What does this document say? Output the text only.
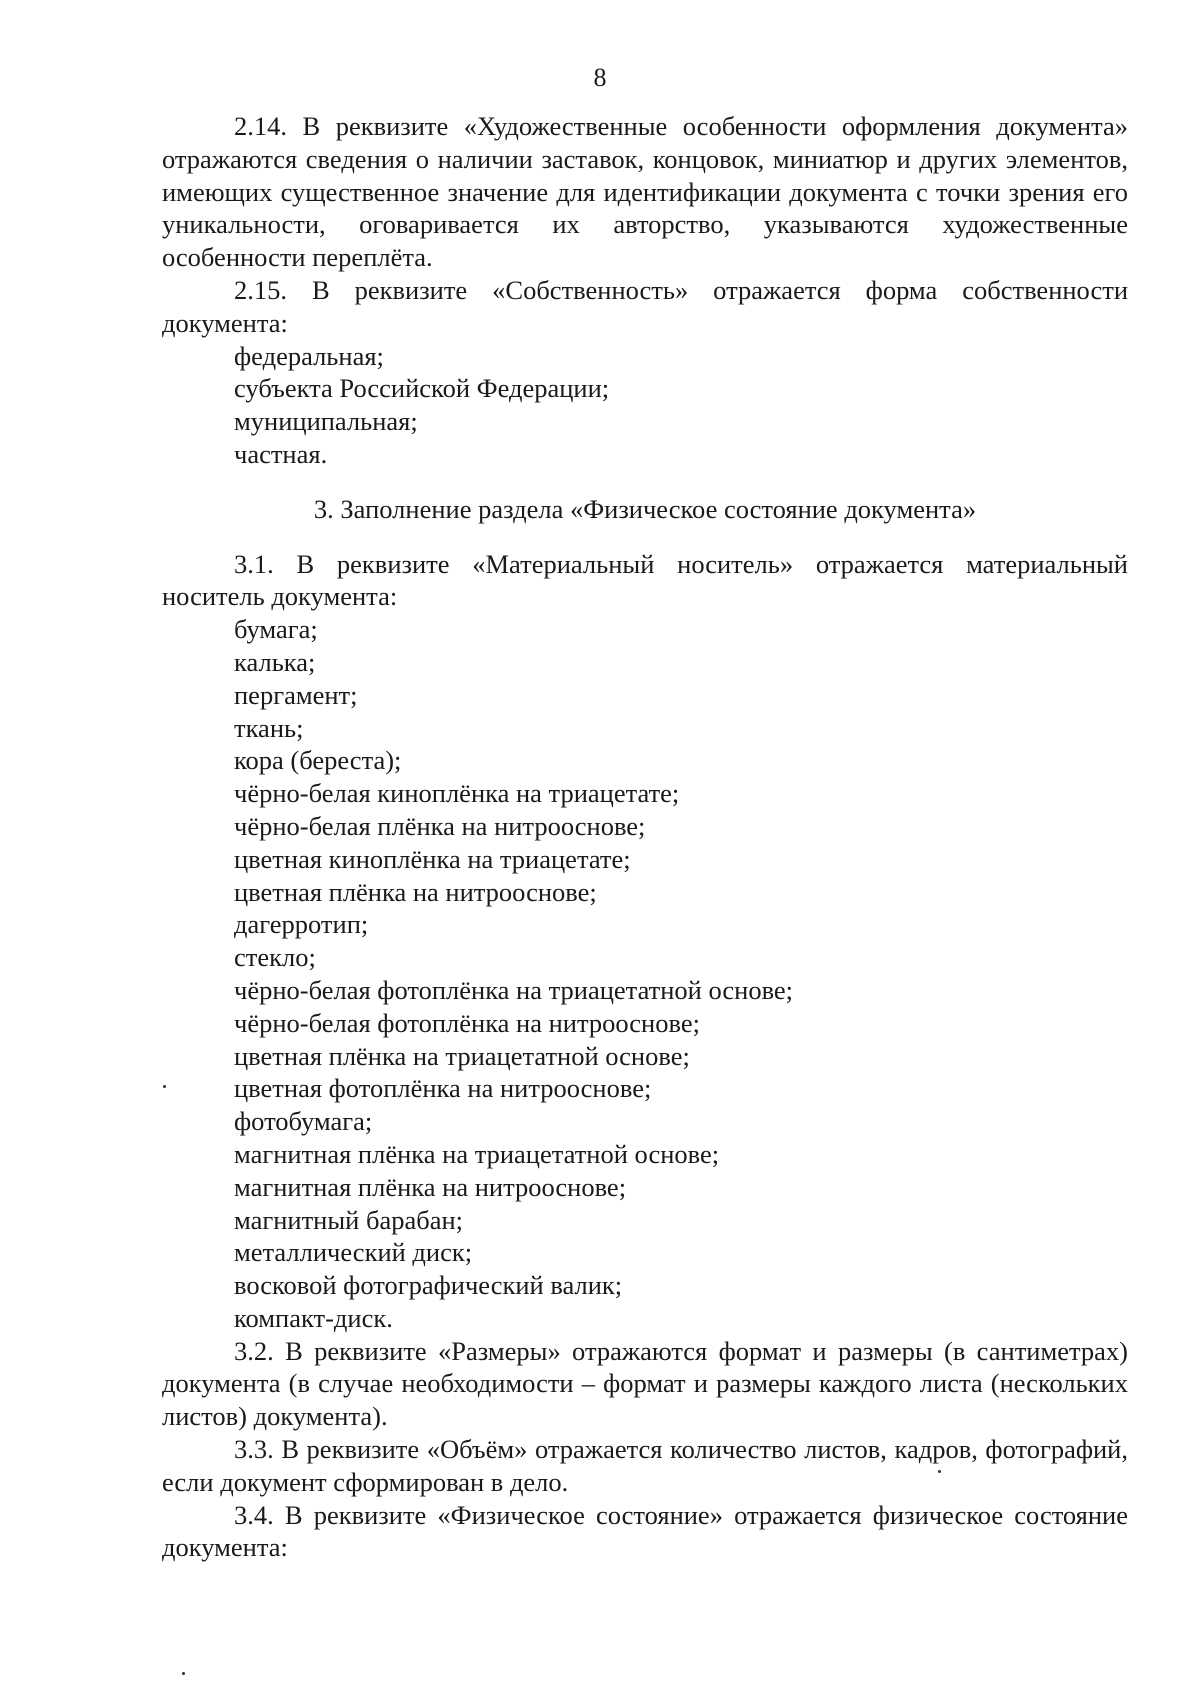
8

2.14. В реквизите «Художественные особенности оформления документа» отражаются сведения о наличии заставок, концовок, миниатюр и других элементов, имеющих существенное значение для идентификации документа с точки зрения его уникальности, оговаривается их авторство, указываются художественные особенности переплёта.

2.15. В реквизите «Собственность» отражается форма собственности документа:

федеральная;
субъекта Российской Федерации;
муниципальная;
частная.

3. Заполнение раздела «Физическое состояние документа»

3.1. В реквизите «Материальный носитель» отражается материальный носитель документа:

бумага;
калька;
пергамент;
ткань;
кора (береста);
чёрно-белая киноплёнка на триацетате;
чёрно-белая плёнка на нитрооснове;
цветная киноплёнка на триацетате;
цветная плёнка на нитрооснове;
дагерротип;
стекло;
чёрно-белая фотоплёнка на триацетатной основе;
чёрно-белая фотоплёнка на нитрооснове;
цветная плёнка на триацетатной основе;
цветная фотоплёнка на нитрооснове;
фотобумага;
магнитная плёнка на триацетатной основе;
магнитная плёнка на нитрооснове;
магнитный барабан;
металлический диск;
восковой фотографический валик;
компакт-диск.

3.2. В реквизите «Размеры» отражаются формат и размеры (в сантиметрах) документа (в случае необходимости – формат и размеры каждого листа (нескольких листов) документа).

3.3. В реквизите «Объём» отражается количество листов, кадров, фотографий, если документ сформирован в дело.

3.4. В реквизите «Физическое состояние» отражается физическое состояние документа:
